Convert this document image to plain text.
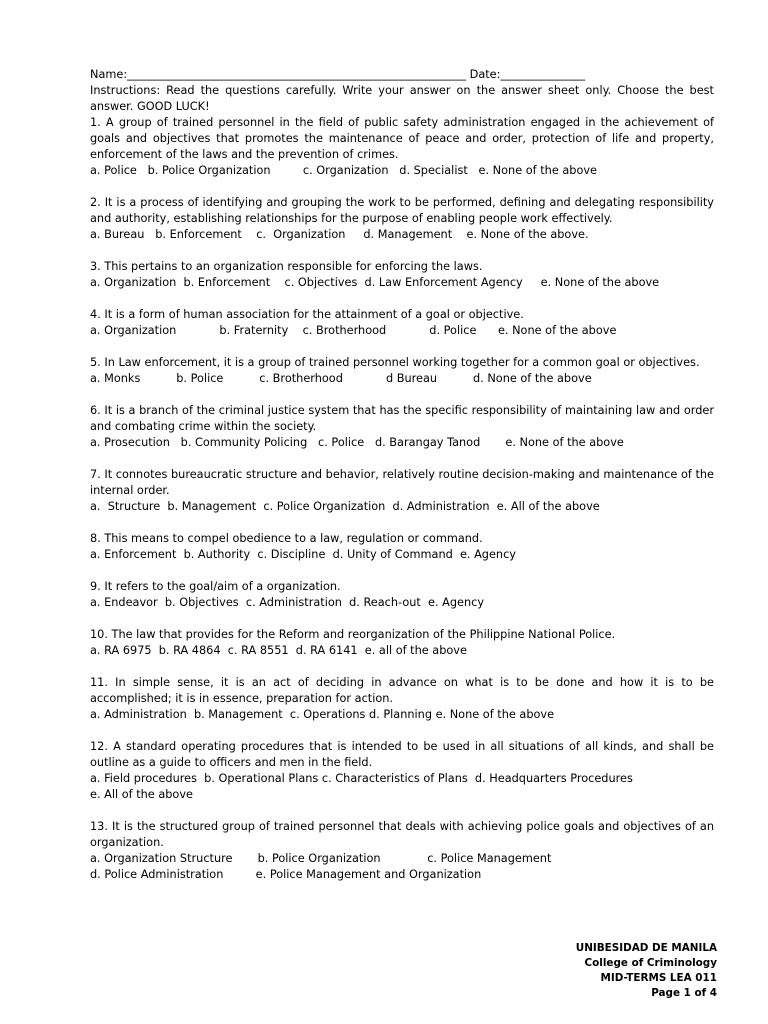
Name:____________________________________________________________ Date:_______________
Instructions: Read the questions carefully. Write your answer on the answer sheet only. Choose the best answer. GOOD LUCK!
1. A group of trained personnel in the field of public safety administration engaged in the achievement of goals and objectives that promotes the maintenance of peace and order, protection of life and property, enforcement of the laws and the prevention of crimes.
a. Police   b. Police Organization         c. Organization   d. Specialist   e. None of the above
2. It is a process of identifying and grouping the work to be performed, defining and delegating responsibility and authority, establishing relationships for the purpose of enabling people work effectively.
a. Bureau   b. Enforcement    c.  Organization     d. Management    e. None of the above.
3. This pertains to an organization responsible for enforcing the laws.
a. Organization  b. Enforcement    c. Objectives  d. Law Enforcement Agency     e. None of the above
4. It is a form of human association for the attainment of a goal or objective.
a. Organization            b. Fraternity    c. Brotherhood            d. Police      e. None of the above
5. In Law enforcement, it is a group of trained personnel working together for a common goal or objectives.
a. Monks          b. Police          c. Brotherhood            d Bureau          d. None of the above
6. It is a branch of the criminal justice system that has the specific responsibility of maintaining law and order and combating crime within the society.
a. Prosecution   b. Community Policing   c. Police   d. Barangay Tanod       e. None of the above
7. It connotes bureaucratic structure and behavior, relatively routine decision-making and maintenance of the internal order.
a.  Structure  b. Management  c. Police Organization  d. Administration  e. All of the above
8. This means to compel obedience to a law, regulation or command.
a. Enforcement  b. Authority  c. Discipline  d. Unity of Command  e. Agency
9. It refers to the goal/aim of a organization.
a. Endeavor  b. Objectives  c. Administration  d. Reach-out  e. Agency
10. The law that provides for the Reform and reorganization of the Philippine National Police.
a. RA 6975  b. RA 4864  c. RA 8551  d. RA 6141  e. all of the above
11. In simple sense, it is an act of deciding in advance on what is to be done and how it is to be accomplished; it is in essence, preparation for action.
a. Administration  b. Management  c. Operations d. Planning e. None of the above
12. A standard operating procedures that is intended to be used in all situations of all kinds, and shall be outline as a guide to officers and men in the field.
a. Field procedures  b. Operational Plans c. Characteristics of Plans  d. Headquarters Procedures
e. All of the above
13. It is the structured group of trained personnel that deals with achieving police goals and objectives of an organization.
a. Organization Structure       b. Police Organization             c. Police Management
d. Police Administration         e. Police Management and Organization
UNIBESIDAD DE MANILA
College of Criminology
MID-TERMS LEA 011
Page 1 of 4
